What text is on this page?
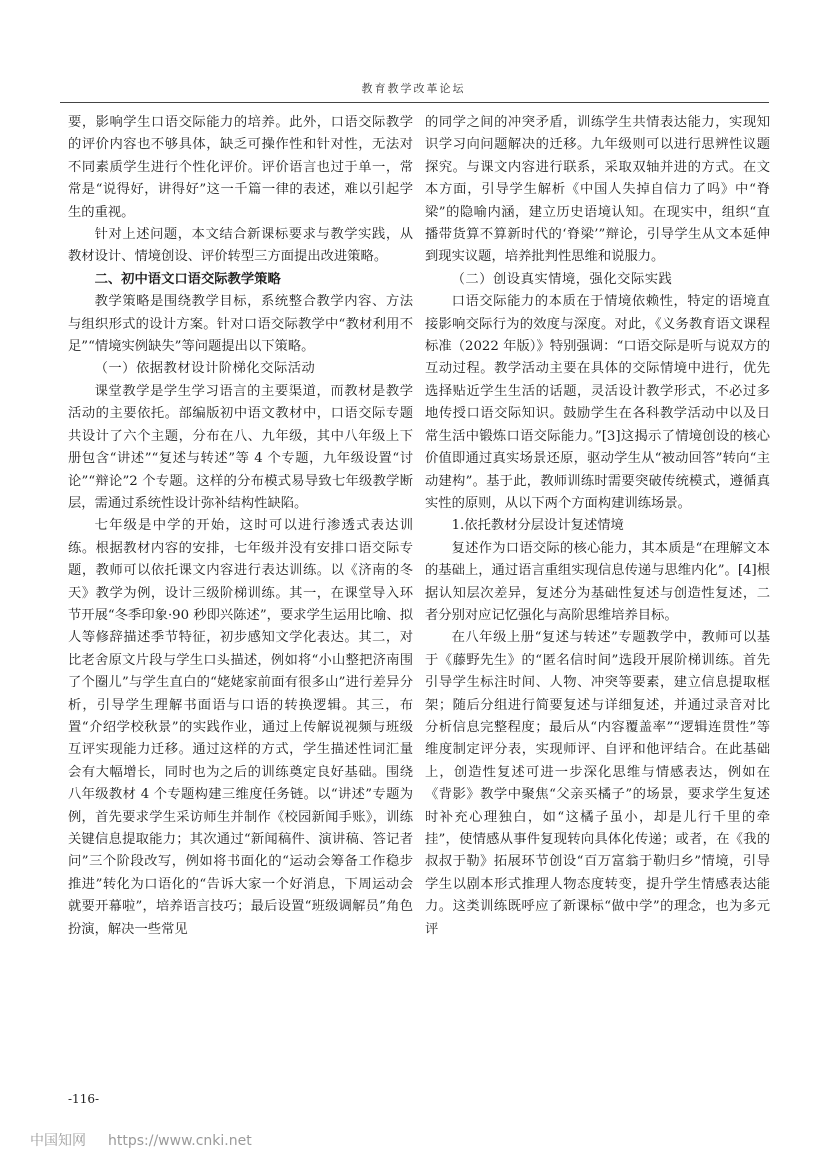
教育教学改革论坛

要，影响学生口语交际能力的培养。此外，口语交际教学的评价内容也不够具体，缺乏可操作性和针对性，无法对不同素质学生进行个性化评价。评价语言也过于单一，常常是“说得好，讲得好”这一千篇一律的表述，难以引起学生的重视。

针对上述问题，本文结合新课标要求与教学实践，从教材设计、情境创设、评价转型三方面提出改进策略。

二、初中语文口语交际教学策略

教学策略是围绕教学目标，系统整合教学内容、方法与组织形式的设计方案。针对口语交际教学中“教材利用不足”“情境实例缺失”等问题提出以下策略。

（一）依据教材设计阶梯化交际活动

课堂教学是学生学习语言的主要渠道，而教材是教学活动的主要依托。部编版初中语文教材中，口语交际专题共设计了六个主题，分布在八、九年级，其中八年级上下册包含“讲述”“复述与转述”等 4 个专题，九年级设置“讨论”“辩论”2 个专题。这样的分布模式易导致七年级教学断层，需通过系统性设计弥补结构性缺陷。

七年级是中学的开始，这时可以进行渗透式表达训练。根据教材内容的安排，七年级并没有安排口语交际专题，教师可以依托课文内容进行表达训练。以《济南的冬天》教学为例，设计三级阶梯训练。其一，在课堂导入环节开展“冬季印象·90 秒即兴陈述”，要求学生运用比喻、拟人等修辞描述季节特征，初步感知文学化表达。其二，对比老舍原文片段与学生口头描述，例如将“小山整把济南围了个圈儿”与学生直白的“姥姥家前面有很多山”进行差异分析，引导学生理解书面语与口语的转换逻辑。其三，布置“介绍学校秋景”的实践作业，通过上传解说视频与班级互评实现能力迁移。通过这样的方式，学生描述性词汇量会有大幅增长，同时也为之后的训练奠定良好基础。围绕八年级教材 4 个专题构建三维度任务链。以“讲述”专题为例，首先要求学生采访师生并制作《校园新闻手账》，训练关键信息提取能力；其次通过“新闻稿件、演讲稿、答记者问”三个阶段改写，例如将书面化的“运动会筹备工作稳步推进”转化为口语化的“告诉大家一个好消息，下周运动会就要开幕啦”，培养语言技巧；最后设置“班级调解员”角色扮演，解决一些常见

的同学之间的冲突矛盾，训练学生共情表达能力，实现知识学习向问题解决的迁移。九年级则可以进行思辨性议题探究。与课文内容进行联系，采取双轴并进的方式。在文本方面，引导学生解析《中国人失掉自信力了吗》中“脊梁”的隐喻内涵，建立历史语境认知。在现实中，组织“直播带货算不算新时代的‘脊梁’”辩论，引导学生从文本延伸到现实议题，培养批判性思维和说服力。

（二）创设真实情境，强化交际实践

口语交际能力的本质在于情境依赖性，特定的语境直接影响交际行为的效度与深度。对此，《义务教育语文课程标准（2022 年版）》特别强调：“口语交际是听与说双方的互动过程。教学活动主要在具体的交际情境中进行，优先选择贴近学生生活的话题，灵活设计教学形式，不必过多地传授口语交际知识。鼓励学生在各科教学活动中以及日常生活中锻炼口语交际能力。”[3]这揭示了情境创设的核心价值即通过真实场景还原，驱动学生从“被动回答”转向“主动建构”。基于此，教师训练时需要突破传统模式，遵循真实性的原则，从以下两个方面构建训练场景。

1.依托教材分层设计复述情境

复述作为口语交际的核心能力，其本质是“在理解文本的基础上，通过语言重组实现信息传递与思维内化”。[4]根据认知层次差异，复述分为基础性复述与创造性复述，二者分别对应记忆强化与高阶思维培养目标。

在八年级上册“复述与转述”专题教学中，教师可以基于《藤野先生》的“匿名信时间”选段开展阶梯训练。首先引导学生标注时间、人物、冲突等要素，建立信息提取框架；随后分组进行简要复述与详细复述，并通过录音对比分析信息完整程度；最后从“内容覆盖率”“逻辑连贯性”等维度制定评分表，实现师评、自评和他评结合。在此基础上，创造性复述可进一步深化思维与情感表达，例如在《背影》教学中聚焦“父亲买橘子”的场景，要求学生复述时补充心理独白，如“这橘子虽小，却是儿行千里的牵挂”，使情感从事件复现转向具体化传递；或者，在《我的叔叔于勒》拓展环节创设“百万富翁于勒归乡”情境，引导学生以剧本形式推理人物态度转变，提升学生情感表达能力。这类训练既呼应了新课标“做中学”的理念，也为多元评

-116-
中国知网 https://www.cnki.net
